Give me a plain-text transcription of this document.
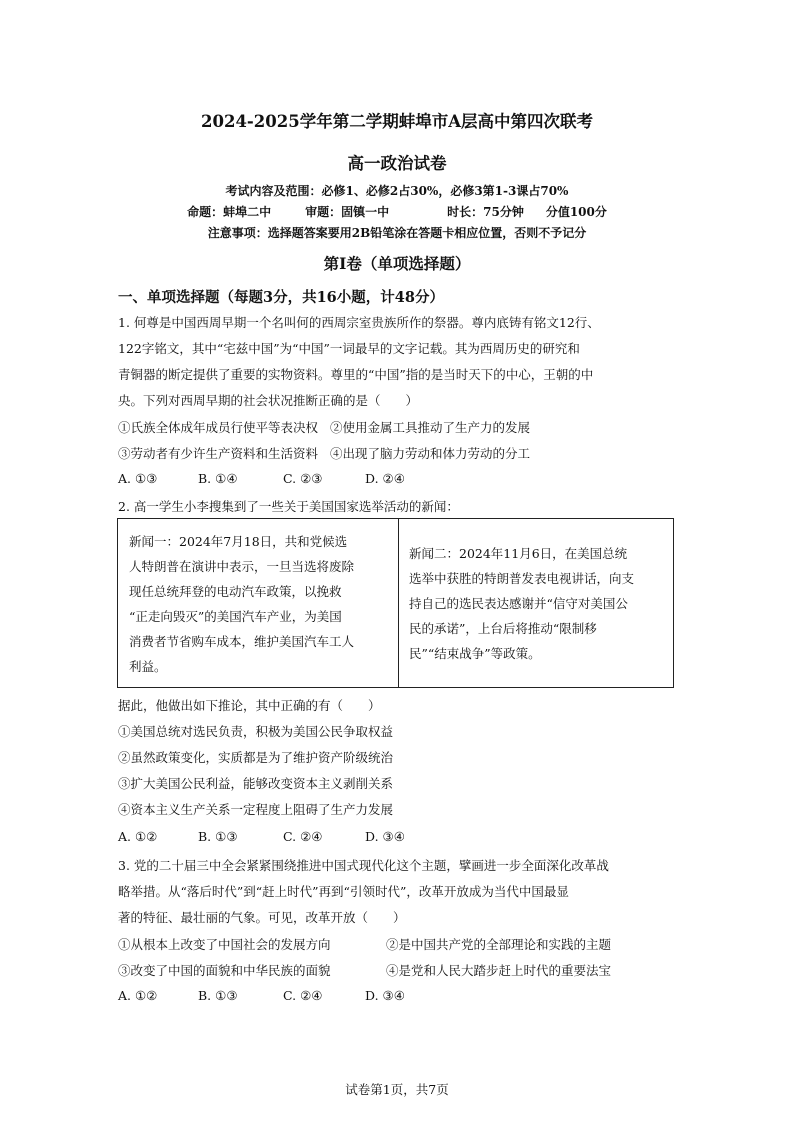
2024-2025学年第二学期蚌埠市A层高中第四次联考
高一政治试卷
考试内容及范围：必修1、必修2占30%，必修3第1-3课占70%
命题：蚌埠二中	审题：固镇一中	时长：75分钟 分值100分
注意事项：选择题答案要用2B铅笔涂在答题卡相应位置，否则不予记分
第Ⅰ卷（单项选择题）
一、单项选择题（每题3分，共16小题，计48分）
1. 何尊是中国西周早期一个名叫何的西周宗室贵族所作的祭器。尊内底铸有铭文12行、
122字铭文，其中“宅兹中国”为“中国”一词最早的文字记载。其为西周历史的研究和
青铜器的断定提供了重要的实物资料。尊里的“中国”指的是当时天下的中心，王朝的中
央。下列对西周早期的社会状况推断正确的是（　　）
①氏族全体成年成员行使平等表决权 ②使用金属工具推动了生产力的发展
③劳动者有少许生产资料和生活资料 ④出现了脑力劳动和体力劳动的分工
A. ①③	B. ①④	C. ②③	D. ②④
2. 高一学生小李搜集到了一些关于美国国家选举活动的新闻：
新闻一：2024年7月18日，共和党候选
人特朗普在演讲中表示，一旦当选将废除
现任总统拜登的电动汽车政策，以挽救
“正走向毁灭”的美国汽车产业，为美国
消费者节省购车成本，维护美国汽车工人
利益。
新闻二：2024年11月6日，在美国总统
选举中获胜的特朗普发表电视讲话，向支
持自己的选民表达感谢并“信守对美国公
民的承诺”，上台后将推动“限制移
民”“结束战争”等政策。
据此，他做出如下推论，其中正确的有（　　）
①美国总统对选民负责，积极为美国公民争取权益
②虽然政策变化，实质都是为了维护资产阶级统治
③扩大美国公民利益，能够改变资本主义剥削关系
④资本主义生产关系一定程度上阻碍了生产力发展
A. ①②	B. ①③	C. ②④	D. ③④
3. 党的二十届三中全会紧紧围绕推进中国式现代化这个主题，擘画进一步全面深化改革战
略举措。从“落后时代”到“赶上时代”再到“引领时代”，改革开放成为当代中国最显
著的特征、最壮丽的气象。可见，改革开放（　　）
①从根本上改变了中国社会的发展方向	②是中国共产党的全部理论和实践的主题
③改变了中国的面貌和中华民族的面貌	④是党和人民大踏步赶上时代的重要法宝
A. ①②	B. ①③	C. ②④	D. ③④
试卷第1页，共7页
